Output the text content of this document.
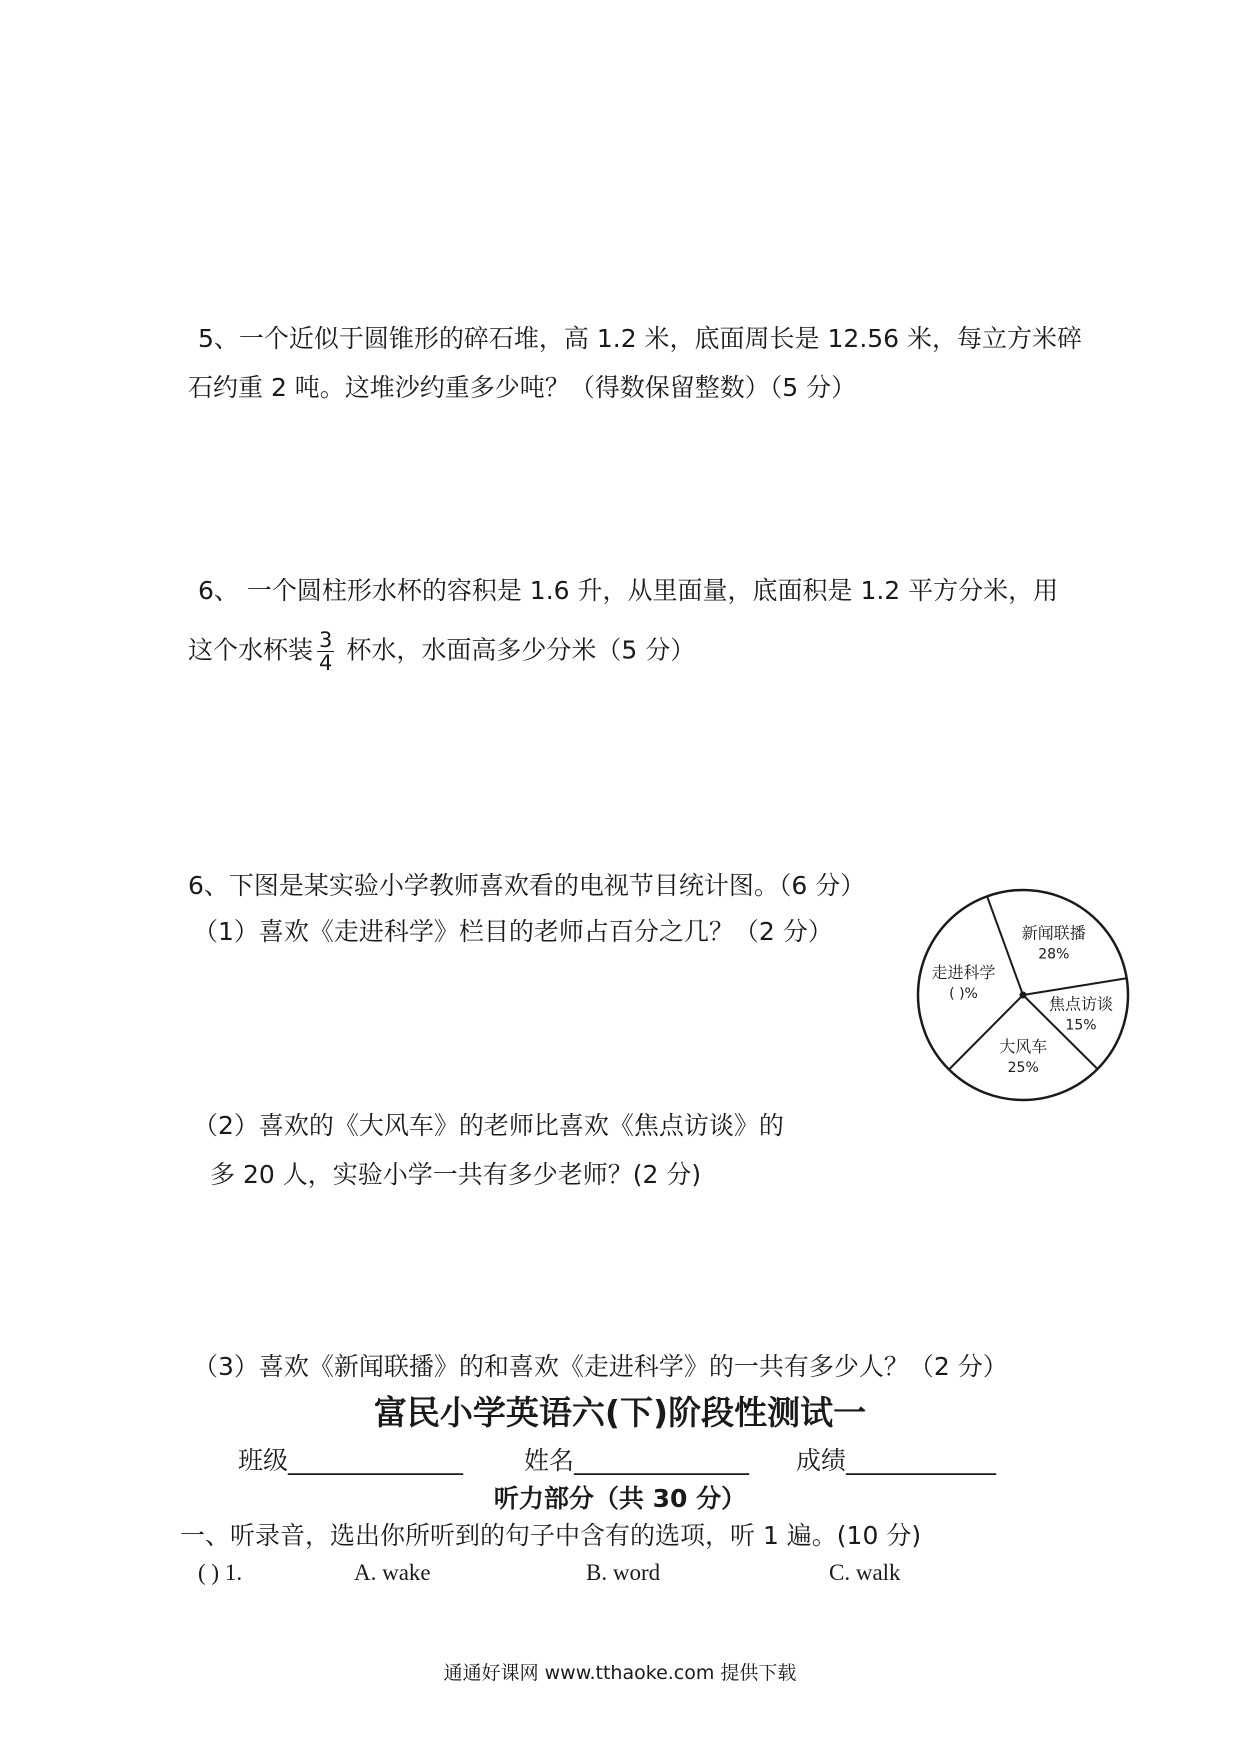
5、一个近似于圆锥形的碎石堆，高 1.2 米，底面周长是 12.56 米，每立方米碎
石约重 2 吨。这堆沙约重多少吨？（得数保留整数）（5 分）
6、 一个圆柱形水杯的容积是 1.6 升，从里面量，底面积是 1.2 平方分米，用
这个水杯装 $\frac{3}{4}$ 杯水，水面高多少分米（5 分）
6、下图是某实验小学教师喜欢看的电视节目统计图。（6 分）
（1）喜欢《走进科学》栏目的老师占百分之几？（2 分）
（2）喜欢的《大风车》的老师比喜欢《焦点访谈》的
多 20 人，实验小学一共有多少老师？(2 分)
（3）喜欢《新闻联播》的和喜欢《走进科学》的一共有多少人？（2 分）
新闻联播
28%
焦点访谈
15%
大风车
25%
走进科学
( )%
富民小学英语六(下)阶段性测试一
班级______________ 姓名______________ 成绩____________
听力部分（共 30 分）
一、听录音，选出你所听到的句子中含有的选项，听 1 遍。(10 分)
( ) 1.	A. wake	B. word	C. walk
通通好课网 www.tthaoke.com 提供下载
